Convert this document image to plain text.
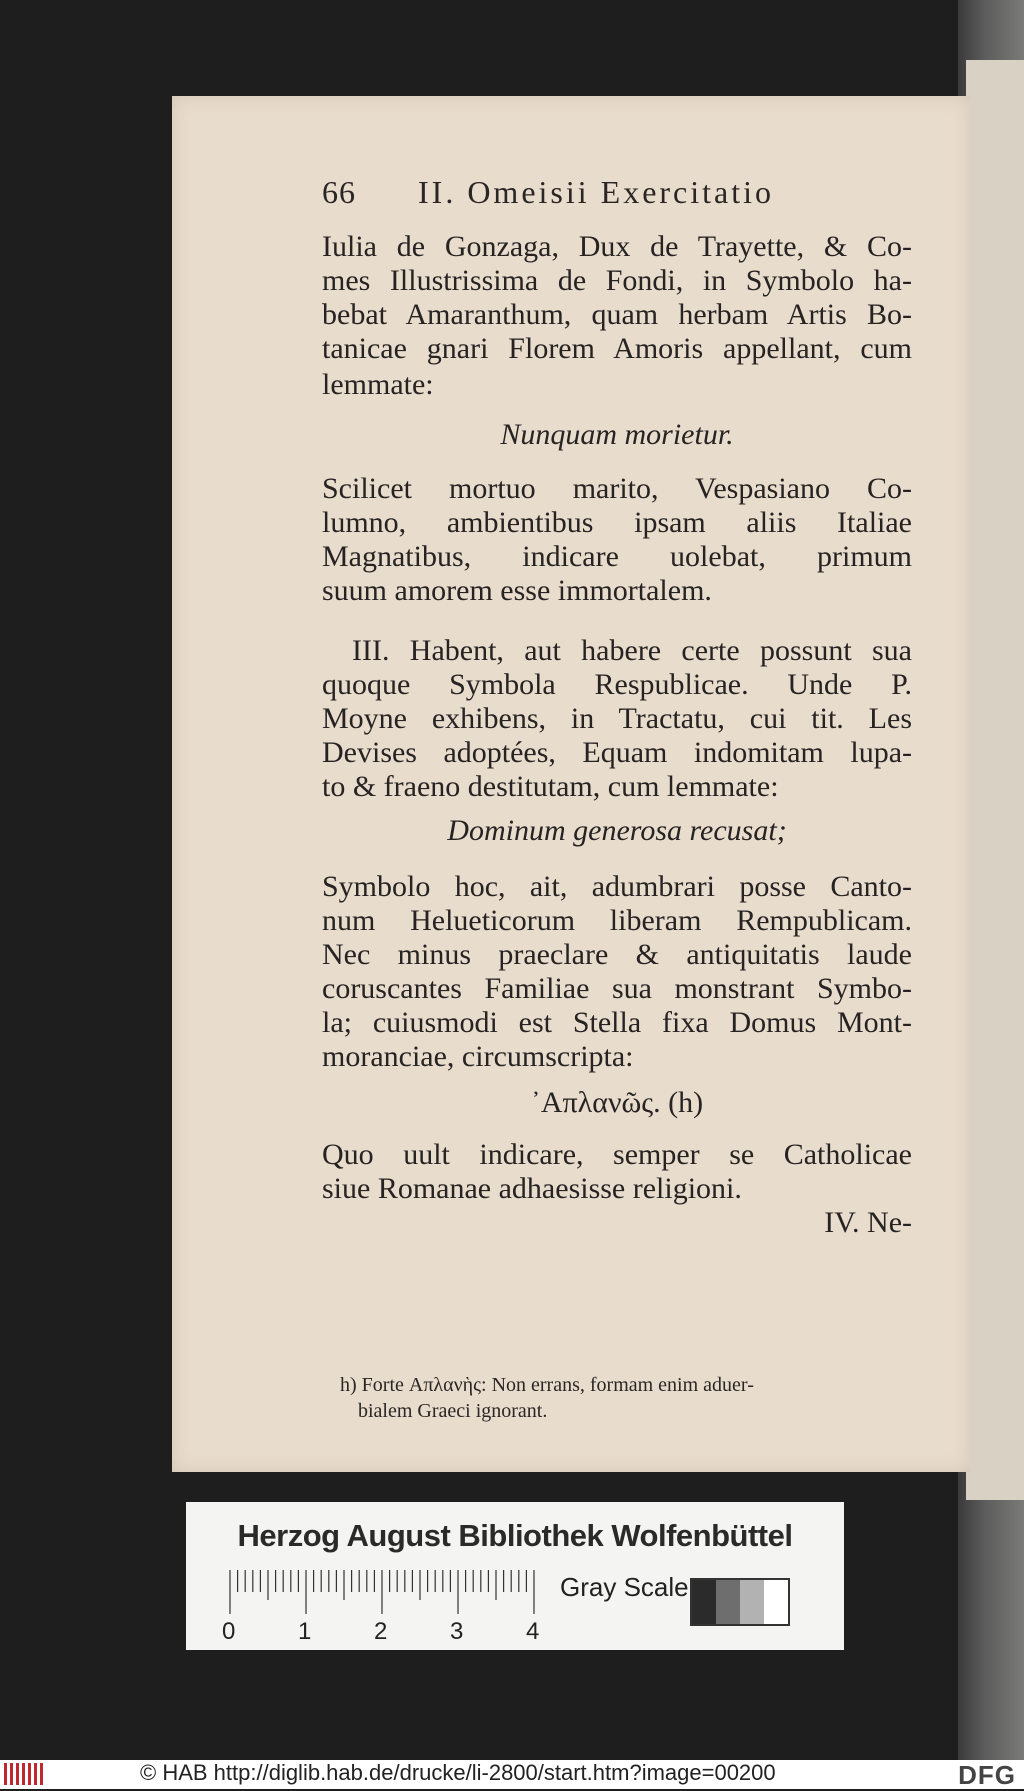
66 II. Omeisii Exercitatio
Iulia de Gonzaga, Dux de Trayette, & Co-
mes Illustrissima de Fondi, in Symbolo ha-
bebat Amaranthum, quam herbam Artis Bo-
tanicae gnari Florem Amoris appellant, cum
lemmate:
Nunquam morietur.
Scilicet mortuo marito, Vespasiano Co-
lumno, ambientibus ipsam aliis Italiae
Magnatibus, indicare uolebat, primum
suum amorem esse immortalem.
III. Habent, aut habere certe possunt sua
quoque Symbola Respublicae. Unde P.
Moyne exhibens, in Tractatu, cui tit. Les
Devises adoptées, Equam indomitam lupa-
to & fraeno destitutam, cum lemmate:
Dominum generosa recusat;
Symbolo hoc, ait, adumbrari posse Canto-
num Helueticorum liberam Rempublicam.
Nec minus praeclare & antiquitatis laude
coruscantes Familiae sua monstrant Symbo-
la; cuiusmodi est Stella fixa Domus Mont-
moranciae, circumscripta:
᾿Απλανῶς. (h)
Quo uult indicare, semper se Catholicae
siue Romanae adhaesisse religioni.
IV. Ne-
h) Forte Απλανὴς: Non errans, formam enim aduer-
bialem Graeci ignorant.
Herzog August Bibliothek Wolfenbüttel
0	1	2	3	4
Gray Scale
© HAB http://diglib.hab.de/drucke/li-2800/start.htm?image=00200	DFG
